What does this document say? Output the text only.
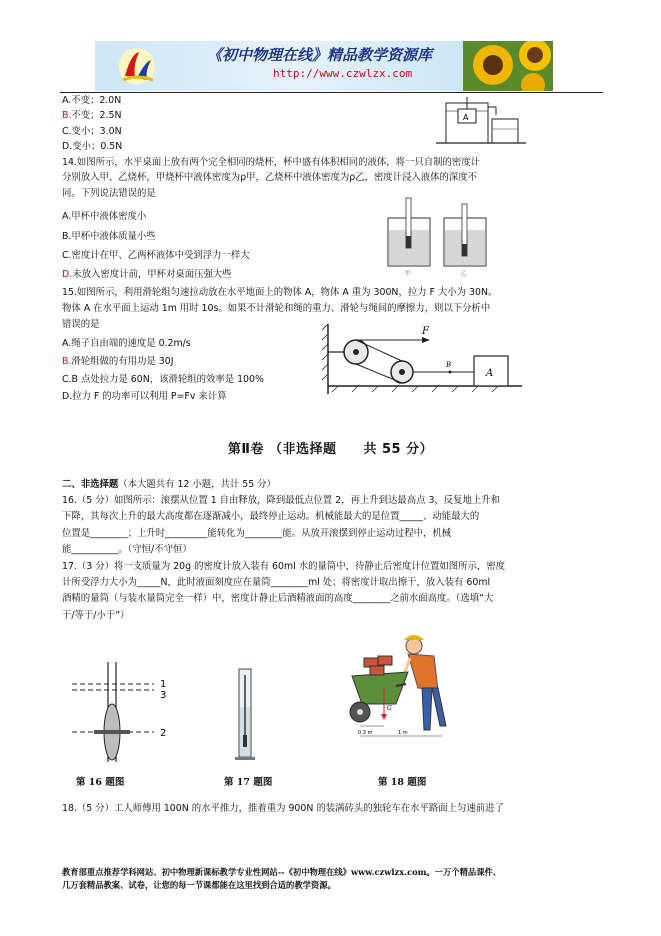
《初中物理在线》精品教学资源库
http://www.czwlzx.com
A.不变；2.0N
B.不变；2.5N
C.变小；3.0N
D.变小；0.5N
A
14.如图所示，水平桌面上放有两个完全相同的烧杯，杯中盛有体积相同的液体，将一只自制的密度计
分别放入甲、乙烧杯，甲烧杯中液体密度为ρ甲，乙烧杯中液体密度为ρ乙，密度计浸入液体的深度不
同。下列说法错误的是
A.甲杯中液体密度小
B.甲杯中液体质量小些
C.密度计在甲、乙两杯液体中受到浮力一样大
D.未放入密度计前，甲杯对桌面压强大些	甲	乙
15.如图所示，利用滑轮组匀速拉动放在水平地面上的物体 A，物体 A 重为 300N，拉力 F 大小为 30N。
物体 A 在水平面上运动 1m 用时 10s。如果不计滑轮和绳的重力、滑轮与绳间的摩擦力，则以下分析中
错误的是
A.绳子自由端的速度是 0.2m/s
B.滑轮组做的有用功是 30J
C.B 点处拉力是 60N，该滑轮组的效率是 100%
D.拉力 F 的功率可以利用 P=Fv 来计算
F
B
A
第Ⅱ卷 （非选择题　　共 55 分）
二、非选择题（本大题共有 12 小题，共计 55 分）
16.（5 分）如图所示：滚摆从位置 1 自由释放，降到最低点位置 2，再上升到达最高点 3，反复地上升和
下降，其每次上升的最大高度都在逐渐减小，最终停止运动。机械能最大的是位置_____、动能最大的
位置是________；上升时_________能转化为________能。从放开滚摆到停止运动过程中，机械
能__________。（守恒/不守恒）
17.（3 分）将一支质量为 20g 的密度计放入装有 60ml 水的量筒中，待静止后密度计位置如图所示，密度
计所受浮力大小为_____N，此时液面刻度应在量筒________ml 处；将密度计取出擦干，放入装有 60ml
酒精的量筒（与装水量筒完全一样）中，密度计静止后酒精液面的高度________之前水面高度。（选填“大
于/等于/小于”）
1
3
2
G
0.3 m	1 m
第 16 题图	第 17 题图	第 18 题图
18.（5 分）工人师傅用 100N 的水平推力，推着重为 900N 的装满砖头的独轮车在水平路面上匀速前进了
教育部重点推荐学科网站、初中物理新课标教学专业性网站--《初中物理在线》www.czwlzx.com。一万个精品课件、
几万套精品教案、试卷，让您的每一节课都能在这里找到合适的教学资源。
